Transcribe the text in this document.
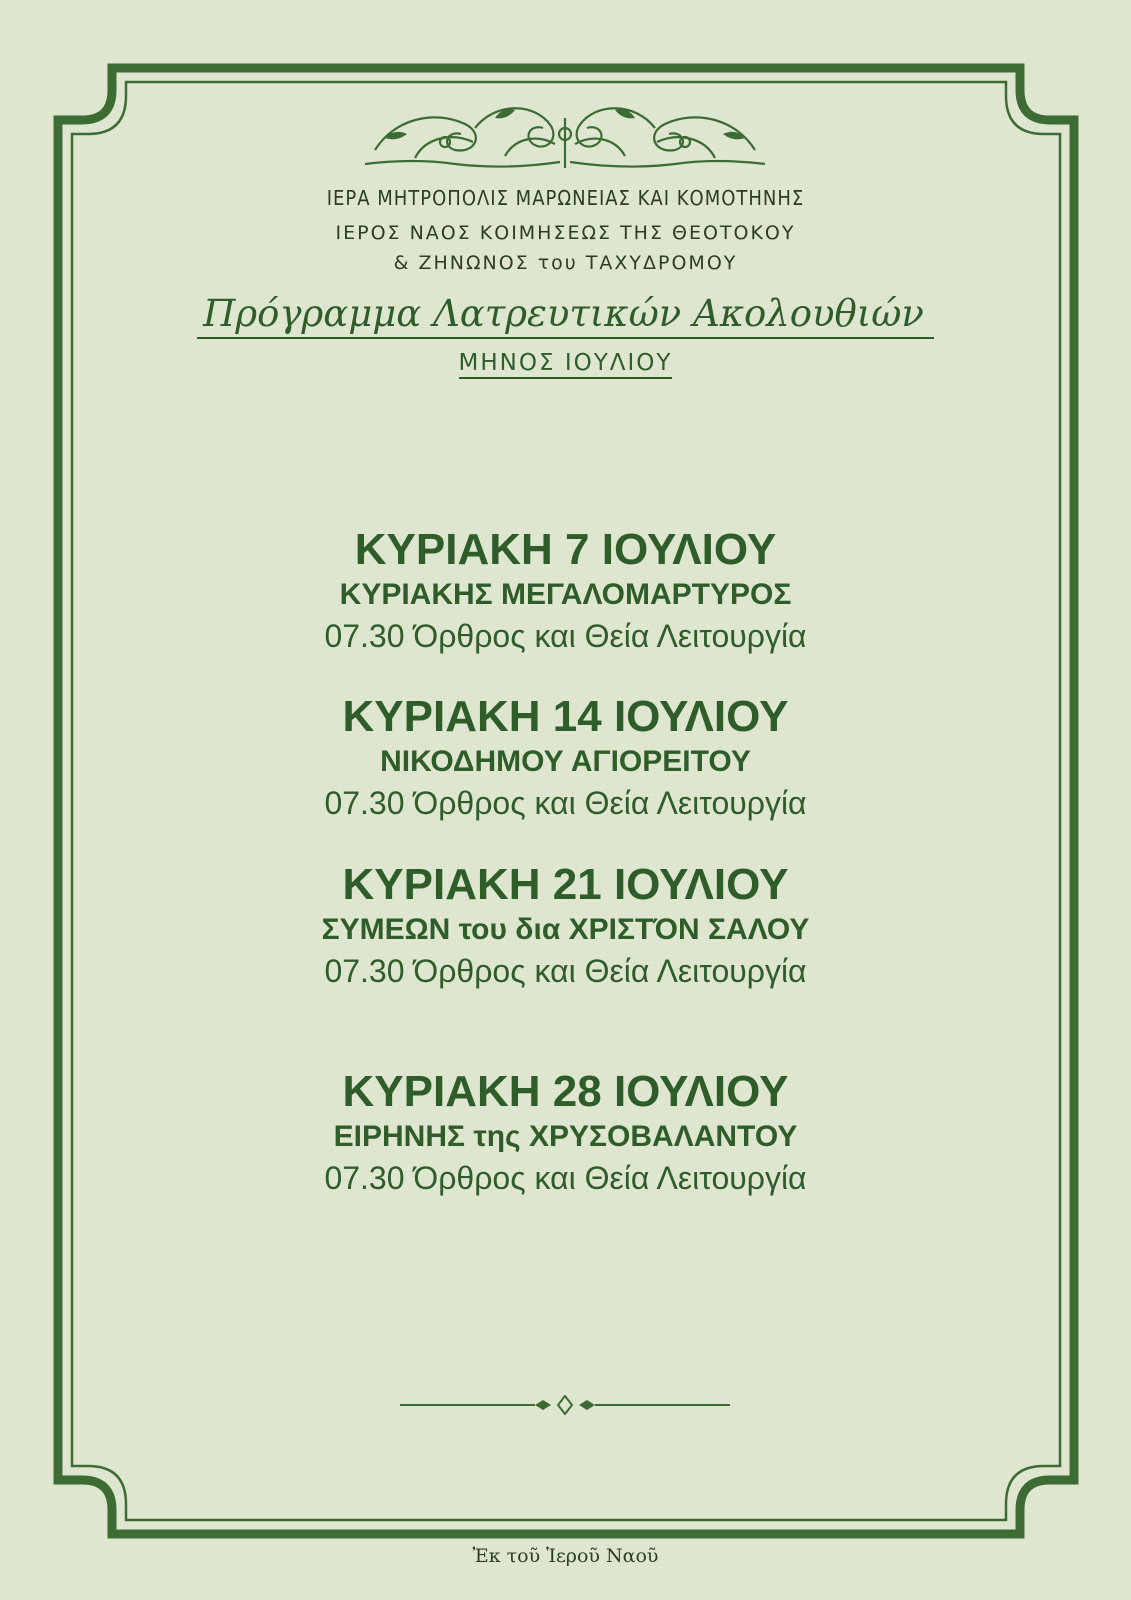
ΙΕΡΑ ΜΗΤΡΟΠΟΛΙΣ ΜΑΡΩΝΕΙΑΣ ΚΑΙ ΚΟΜΟΤΗΝΗΣ
ΙΕΡΟΣ ΝΑΟΣ ΚΟΙΜΗΣΕΩΣ ΤΗΣ ΘΕΟΤΟΚΟΥ
& ΖΗΝΩΝΟΣ του ΤΑΧΥΔΡΟΜΟΥ
Πρόγραμμα Λατρευτικών Ακολουθιών
ΜΗΝΟΣ ΙΟΥΛΙΟΥ
ΚΥΡΙΑΚΗ 7 ΙΟΥΛΙΟΥ
ΚΥΡΙΑΚΗΣ ΜΕΓΑΛΟΜΑΡΤΥΡΟΣ
07.30 Όρθρος και Θεία Λειτουργία
ΚΥΡΙΑΚΗ 14 ΙΟΥΛΙΟΥ
ΝΙΚΟΔΗΜΟΥ ΑΓΙΟΡΕΙΤΟΥ
07.30 Όρθρος και Θεία Λειτουργία
ΚΥΡΙΑΚΗ 21 ΙΟΥΛΙΟΥ
ΣΥΜΕΩΝ του δια ΧΡΙΣΤΌΝ ΣΑΛΟΥ
07.30 Όρθρος και Θεία Λειτουργία
ΚΥΡΙΑΚΗ 28 ΙΟΥΛΙΟΥ
ΕΙΡΗΝΗΣ της ΧΡΥΣΟΒΑΛΑΝΤΟΥ
07.30 Όρθρος και Θεία Λειτουργία
Ἐκ τοῦ Ἱεροῦ Ναοῦ
